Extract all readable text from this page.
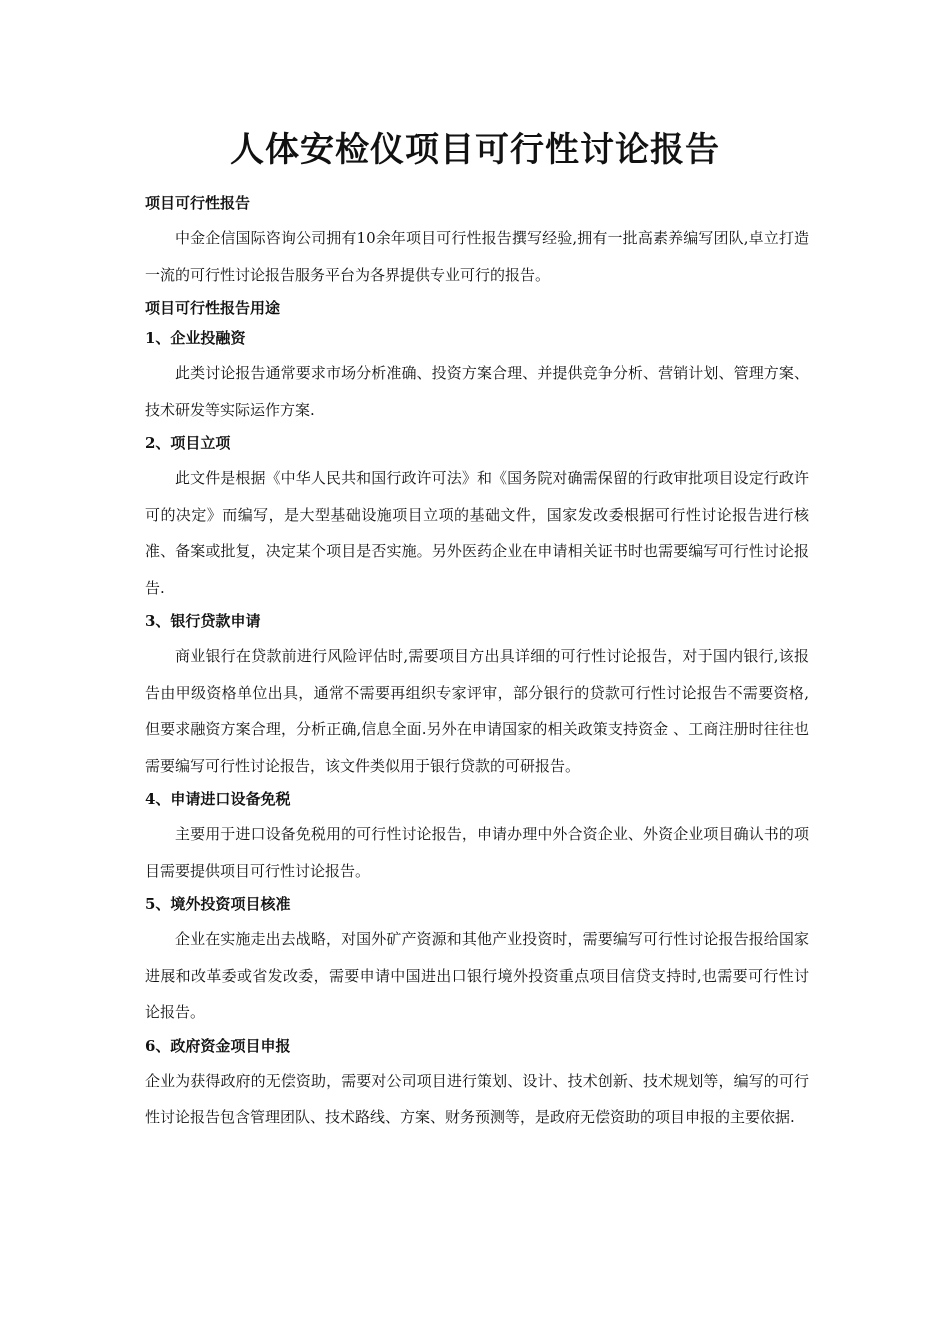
人体安检仪项目可行性讨论报告
项目可行性报告

中金企信国际咨询公司拥有10余年项目可行性报告撰写经验,拥有一批高素养编写团队,卓立打造一流的可行性讨论报告服务平台为各界提供专业可行的报告。

项目可行性报告用途
1、企业投融资

此类讨论报告通常要求市场分析准确、投资方案合理、并提供竞争分析、营销计划、管理方案、技术研发等实际运作方案.

2、项目立项

此文件是根据《中华人民共和国行政许可法》和《国务院对确需保留的行政审批项目设定行政许可的决定》而编写，是大型基础设施项目立项的基础文件，国家发改委根据可行性讨论报告进行核准、备案或批复，决定某个项目是否实施。另外医药企业在申请相关证书时也需要编写可行性讨论报告.

3、银行贷款申请

商业银行在贷款前进行风险评估时,需要项目方出具详细的可行性讨论报告，对于国内银行,该报告由甲级资格单位出具，通常不需要再组织专家评审，部分银行的贷款可行性讨论报告不需要资格,但要求融资方案合理，分析正确,信息全面.另外在申请国家的相关政策支持资金 、工商注册时往往也需要编写可行性讨论报告，该文件类似用于银行贷款的可研报告。

4、申请进口设备免税

主要用于进口设备免税用的可行性讨论报告，申请办理中外合资企业、外资企业项目确认书的项目需要提供项目可行性讨论报告。

5、境外投资项目核准

企业在实施走出去战略，对国外矿产资源和其他产业投资时，需要编写可行性讨论报告报给国家进展和改革委或省发改委，需要申请中国进出口银行境外投资重点项目信贷支持时,也需要可行性讨论报告。

6、政府资金项目申报

企业为获得政府的无偿资助，需要对公司项目进行策划、设计、技术创新、技术规划等，编写的可行性讨论报告包含管理团队、技术路线、方案、财务预测等，是政府无偿资助的项目申报的主要依据.
